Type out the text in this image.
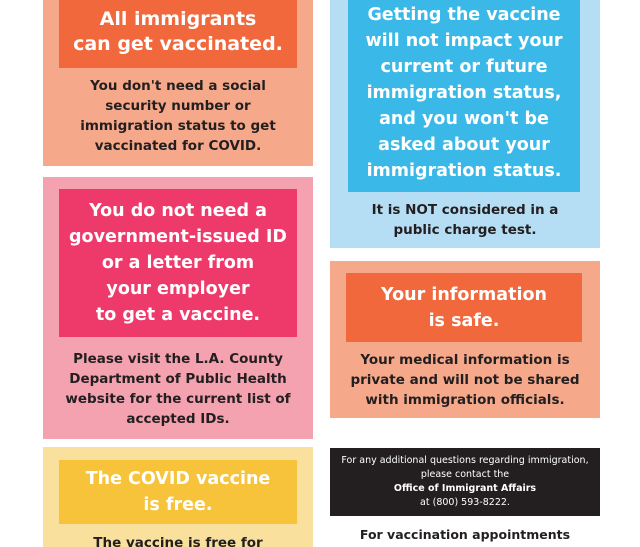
All immigrants
can get vaccinated.
You don't need a social
security number or
immigration status to get
vaccinated for COVID.
Getting the vaccine
will not impact your
current or future
immigration status,
and you won't be
asked about your
immigration status.
It is NOT considered in a
public charge test.
You do not need a
government-issued ID
or a letter from
your employer
to get a vaccine.
Please visit the L.A. County
Department of Public Health
website for the current list of
accepted IDs.
Your information
is safe.
Your medical information is
private and will not be shared
with immigration officials.
The COVID vaccine
is free.
The vaccine is free for
For any additional questions regarding immigration,
please contact the
Office of Immigrant Affairs
at (800) 593-8222.
For vaccination appointments
